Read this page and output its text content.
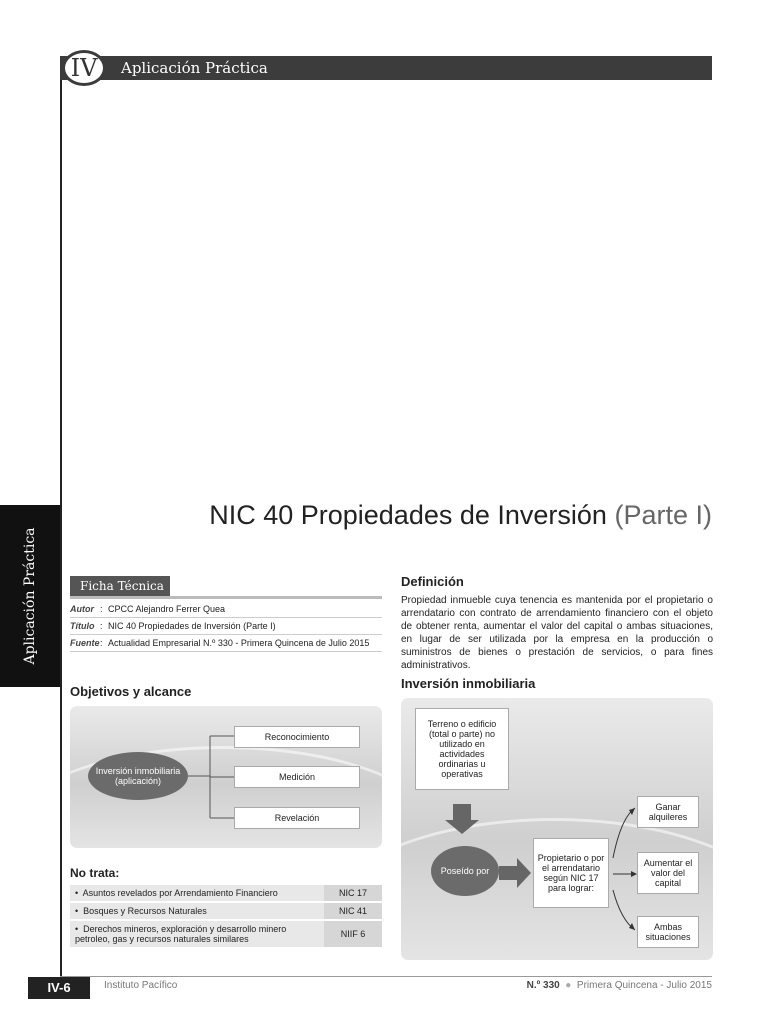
IV	Aplicación Práctica
Aplicación Práctica
NIC 40 Propiedades de Inversión (Parte I)
Ficha Técnica
Autor : CPCC Alejandro Ferrer Quea
Título : NIC 40 Propiedades de Inversión (Parte I)
Fuente: Actualidad Empresarial N.º 330 - Primera Quincena de Julio 2015
Objetivos y alcance
Inversión inmobiliaria (aplicación)
Reconocimiento
Medición
Revelación
No trata:
•  Asuntos revelados por Arrendamiento Financiero	NIC 17
•  Bosques y Recursos Naturales	NIC 41
•  Derechos mineros, exploración y desarrollo minero petroleo, gas y recursos naturales similares	NIIF 6
Definición
Propiedad inmueble cuya tenencia es mantenida por el propietario o arrendatario con contrato de arrendamiento financiero con el objeto de obtener renta, aumentar el valor del capital o ambas situaciones, en lugar de ser utilizada por la empresa en la producción o suministros de bienes o prestación de servicios, o para fines administrativos.
Inversión inmobiliaria
Terreno o edificio (total o parte) no utilizado en actividades ordinarias u operativas
Poseído por
Propietario o por el arrendatario según NIC 17 para lograr:
Ganar alquileres
Aumentar el valor del capital
Ambas situaciones
IV-6	Instituto Pacífico	N.º 330  ●  Primera Quincena - Julio 2015
